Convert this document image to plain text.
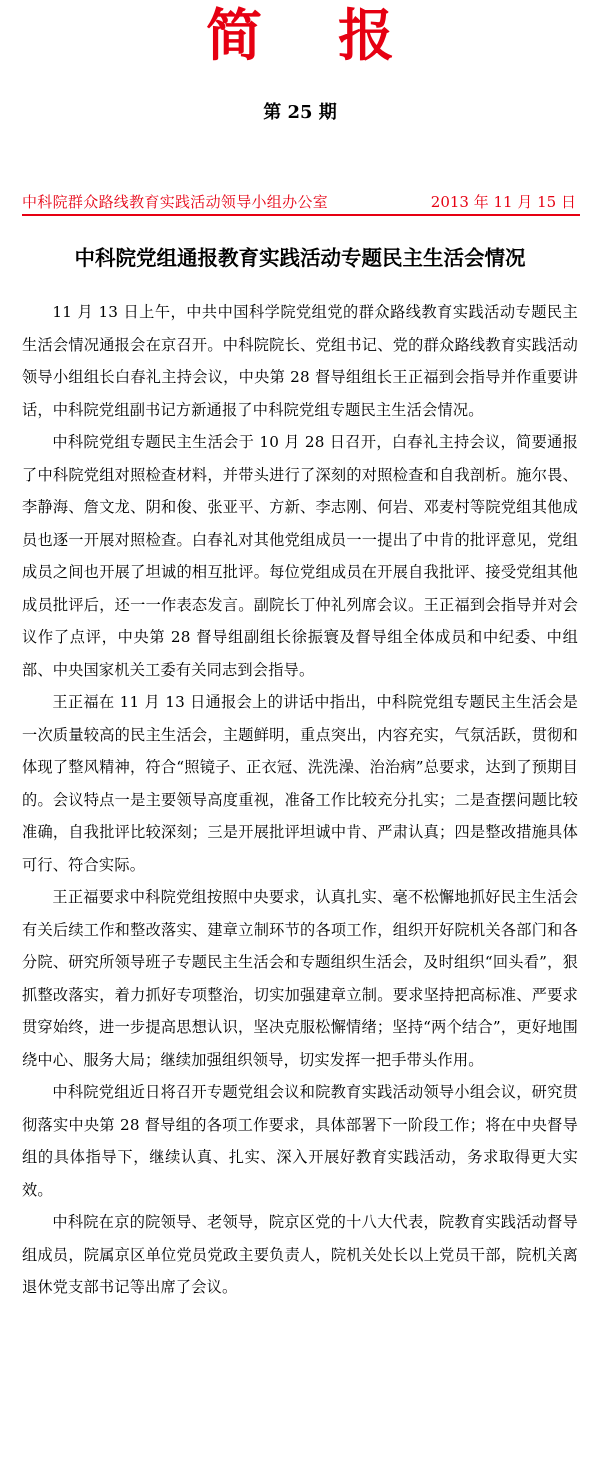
简报
第 25 期
中科院群众路线教育实践活动领导小组办公室	2013 年 11 月 15 日
中科院党组通报教育实践活动专题民主生活会情况

11 月 13 日上午，中共中国科学院党组党的群众路线教育实践活动专题民主生活会情况通报会在京召开。中科院院长、党组书记、党的群众路线教育实践活动领导小组组长白春礼主持会议，中央第 28 督导组组长王正福到会指导并作重要讲话，中科院党组副书记方新通报了中科院党组专题民主生活会情况。

中科院党组专题民主生活会于 10 月 28 日召开，白春礼主持会议，简要通报了中科院党组对照检查材料，并带头进行了深刻的对照检查和自我剖析。施尔畏、李静海、詹文龙、阴和俊、张亚平、方新、李志刚、何岩、邓麦村等院党组其他成员也逐一开展对照检查。白春礼对其他党组成员一一提出了中肯的批评意见，党组成员之间也开展了坦诚的相互批评。每位党组成员在开展自我批评、接受党组其他成员批评后，还一一作表态发言。副院长丁仲礼列席会议。王正福到会指导并对会议作了点评，中央第 28 督导组副组长徐振寰及督导组全体成员和中纪委、中组部、中央国家机关工委有关同志到会指导。

王正福在 11 月 13 日通报会上的讲话中指出，中科院党组专题民主生活会是一次质量较高的民主生活会，主题鲜明，重点突出，内容充实，气氛活跃，贯彻和体现了整风精神，符合“照镜子、正衣冠、洗洗澡、治治病”总要求，达到了预期目的。会议特点一是主要领导高度重视，准备工作比较充分扎实；二是查摆问题比较准确，自我批评比较深刻；三是开展批评坦诚中肯、严肃认真；四是整改措施具体可行、符合实际。

王正福要求中科院党组按照中央要求，认真扎实、毫不松懈地抓好民主生活会有关后续工作和整改落实、建章立制环节的各项工作，组织开好院机关各部门和各分院、研究所领导班子专题民主生活会和专题组织生活会，及时组织“回头看”，狠抓整改落实，着力抓好专项整治，切实加强建章立制。要求坚持把高标准、严要求贯穿始终，进一步提高思想认识，坚决克服松懈情绪；坚持“两个结合”，更好地围绕中心、服务大局；继续加强组织领导，切实发挥一把手带头作用。

中科院党组近日将召开专题党组会议和院教育实践活动领导小组会议，研究贯彻落实中央第 28 督导组的各项工作要求，具体部署下一阶段工作；将在中央督导组的具体指导下，继续认真、扎实、深入开展好教育实践活动，务求取得更大实效。

中科院在京的院领导、老领导，院京区党的十八大代表，院教育实践活动督导组成员，院属京区单位党员党政主要负责人，院机关处长以上党员干部，院机关离退休党支部书记等出席了会议。
